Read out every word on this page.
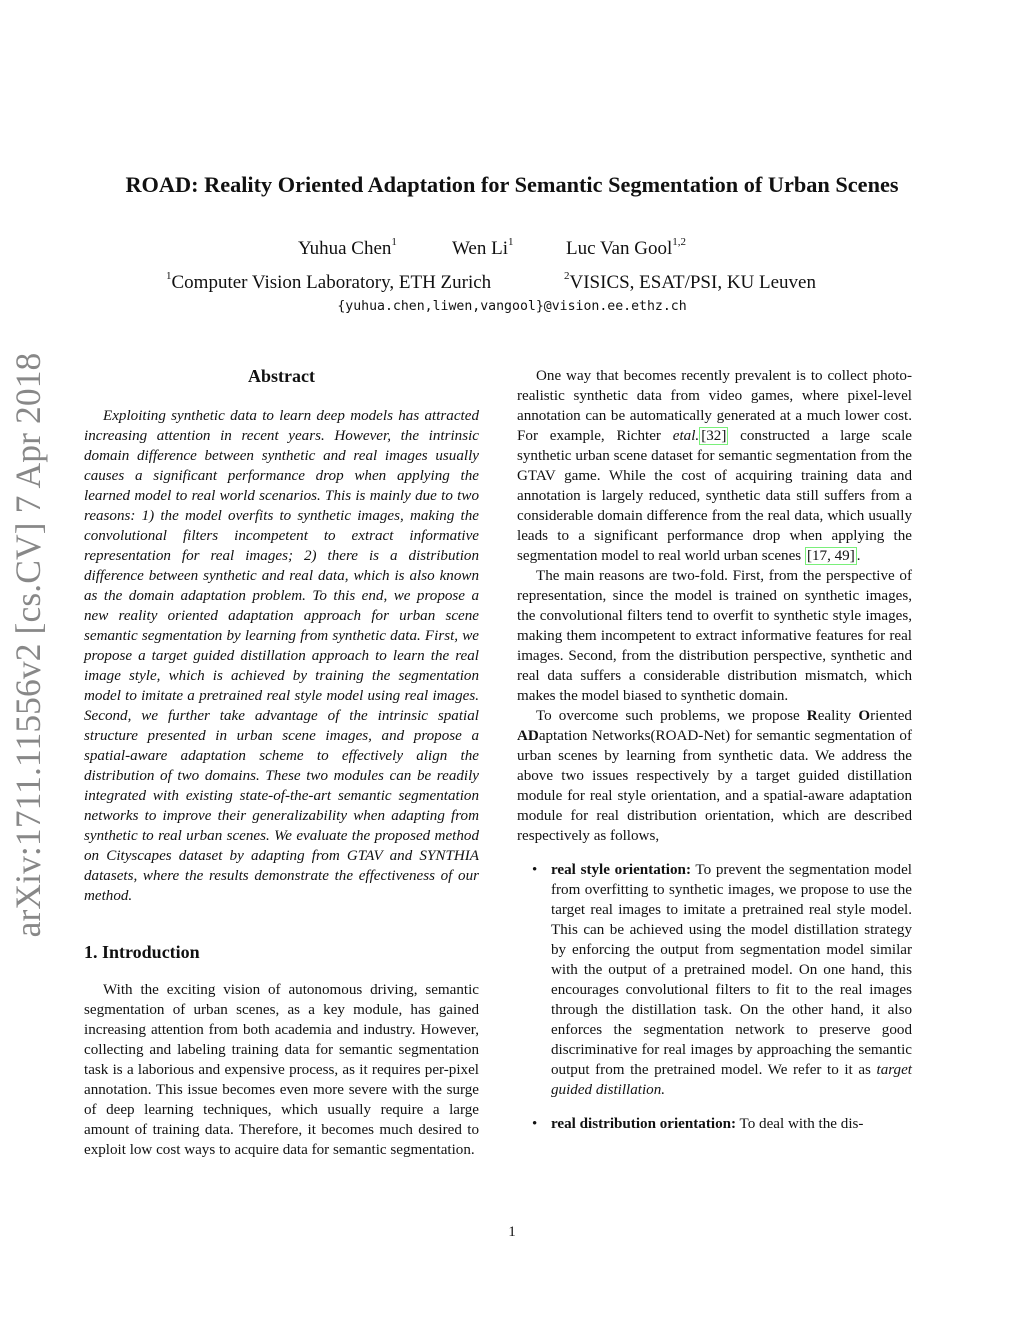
arXiv:1711.11556v2 [cs.CV] 7 Apr 2018
ROAD: Reality Oriented Adaptation for Semantic Segmentation of Urban Scenes
Yuhua Chen$^1$	Wen Li$^1$	Luc Van Gool$^{1,2}$
$^1$Computer Vision Laboratory, ETH Zurich	$^2$VISICS, ESAT/PSI, KU Leuven
{yuhua.chen,liwen,vangool}@vision.ee.ethz.ch
Abstract

Exploiting synthetic data to learn deep models has attracted increasing attention in recent years. However, the intrinsic domain difference between synthetic and real images usually causes a significant performance drop when applying the learned model to real world scenarios. This is mainly due to two reasons: 1) the model overfits to synthetic images, making the convolutional filters incompetent to extract informative representation for real images; 2) there is a distribution difference between synthetic and real data, which is also known as the domain adaptation problem. To this end, we propose a new reality oriented adaptation approach for urban scene semantic segmentation by learning from synthetic data. First, we propose a target guided distillation approach to learn the real image style, which is achieved by training the segmentation model to imitate a pretrained real style model using real images. Second, we further take advantage of the intrinsic spatial structure presented in urban scene images, and propose a spatial-aware adaptation scheme to effectively align the distribution of two domains. These two modules can be readily integrated with existing state-of-the-art semantic segmentation networks to improve their generalizability when adapting from synthetic to real urban scenes. We evaluate the proposed method on Cityscapes dataset by adapting from GTAV and SYNTHIA datasets, where the results demonstrate the effectiveness of our method.

1. Introduction

With the exciting vision of autonomous driving, semantic segmentation of urban scenes, as a key module, has gained increasing attention from both academia and industry. However, collecting and labeling training data for semantic segmentation task is a laborious and expensive process, as it requires per-pixel annotation. This issue becomes even more severe with the surge of deep learning techniques, which usually require a large amount of training data. Therefore, it becomes much desired to exploit low cost ways to acquire data for semantic segmentation.

One way that becomes recently prevalent is to collect photo-realistic synthetic data from video games, where pixel-level annotation can be automatically generated at a much lower cost. For example, Richter etal. [32] constructed a large scale synthetic urban scene dataset for semantic segmentation from the GTAV game. While the cost of acquiring training data and annotation is largely reduced, synthetic data still suffers from a considerable domain difference from the real data, which usually leads to a significant performance drop when applying the segmentation model to real world urban scenes [17, 49] .

The main reasons are two-fold. First, from the perspective of representation, since the model is trained on synthetic images, the convolutional filters tend to overfit to synthetic style images, making them incompetent to extract informative features for real images. Second, from the distribution perspective, synthetic and real data suffers a considerable distribution mismatch, which makes the model biased to synthetic domain.

To overcome such problems, we propose Reality Oriented ADaptation Networks(ROAD-Net) for semantic segmentation of urban scenes by learning from synthetic data. We address the above two issues respectively by a target guided distillation module for real style orientation, and a spatial-aware adaptation module for real distribution orientation, which are described respectively as follows,

• real style orientation: To prevent the segmentation model from overfitting to synthetic images, we propose to use the target real images to imitate a pretrained real style model. This can be achieved using the model distillation strategy by enforcing the output from segmentation model similar with the output of a pretrained model. On one hand, this encourages convolutional filters to fit to the real images through the distillation task. On the other hand, it also enforces the segmentation network to preserve good discriminative for real images by approaching the semantic output from the pretrained model. We refer to it as target guided distillation.
• real distribution orientation: To deal with the dis-
1
